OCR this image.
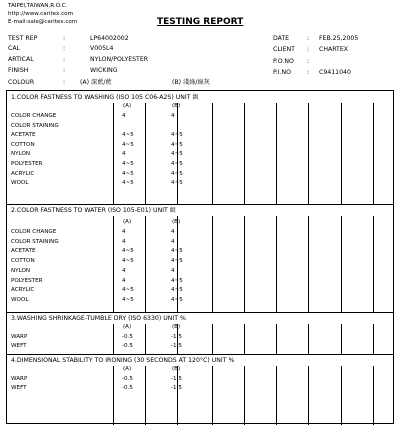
TAIPEI,TAIWAN,R.O.C.
http://www.caritex.com
E-mail:sale@caritex.com	TESTING REPORT
TEST REP	:	LP64002002
CAL	:	V005L4
ARTICAL	:	NYLON/POLYESTER
FINISH	:	WICKING
COLOUR	: (A) 深藍/藍	(B) 淺綠/綠灰
DATE	: FEB.25,2005
CLIENT : CHARTEX
P.O.NO :
P.I.NO	: C9411040
1.COLOR FASTNESS TO WASHING (ISO 105 C06-A2S) UNIT 級
(A)	(B)
COLOR CHANGE	4	4
COLOR STAINING
ACETATE	4~5	4~5
COTTON	4~5	4~5
NYLON	4	4~5
POLYESTER	4~5	4~5
ACRYLIC	4~5	4~5
WOOL	4~5	4~5
2.COLOR FASTNESS TO WATER (ISO 105-E01) UNIT 級
(A)	(B)
COLOR CHANGE	4	4
COLOR STAINING	4	4
ACETATE	4~5	4~5
COTTON	4~5	4~5
NYLON	4	4
POLYESTER	4	4~5
ACRYLIC	4~5	4~5
WOOL	4~5	4~5
3.WASHING SHRINKAGE-TUMBLE DRY (ISO 6330) UNIT %
(A)	(B)
WARP	-0.5	-1.5
WEFT	-0.5	-1.5
4.DIMENSIONAL STABILITY TO IRONING (30 SECONDS AT 120°C) UNIT %
(A)	(B)
WARP	-0.5	-1.5
WEFT	-0.5	-1.5
